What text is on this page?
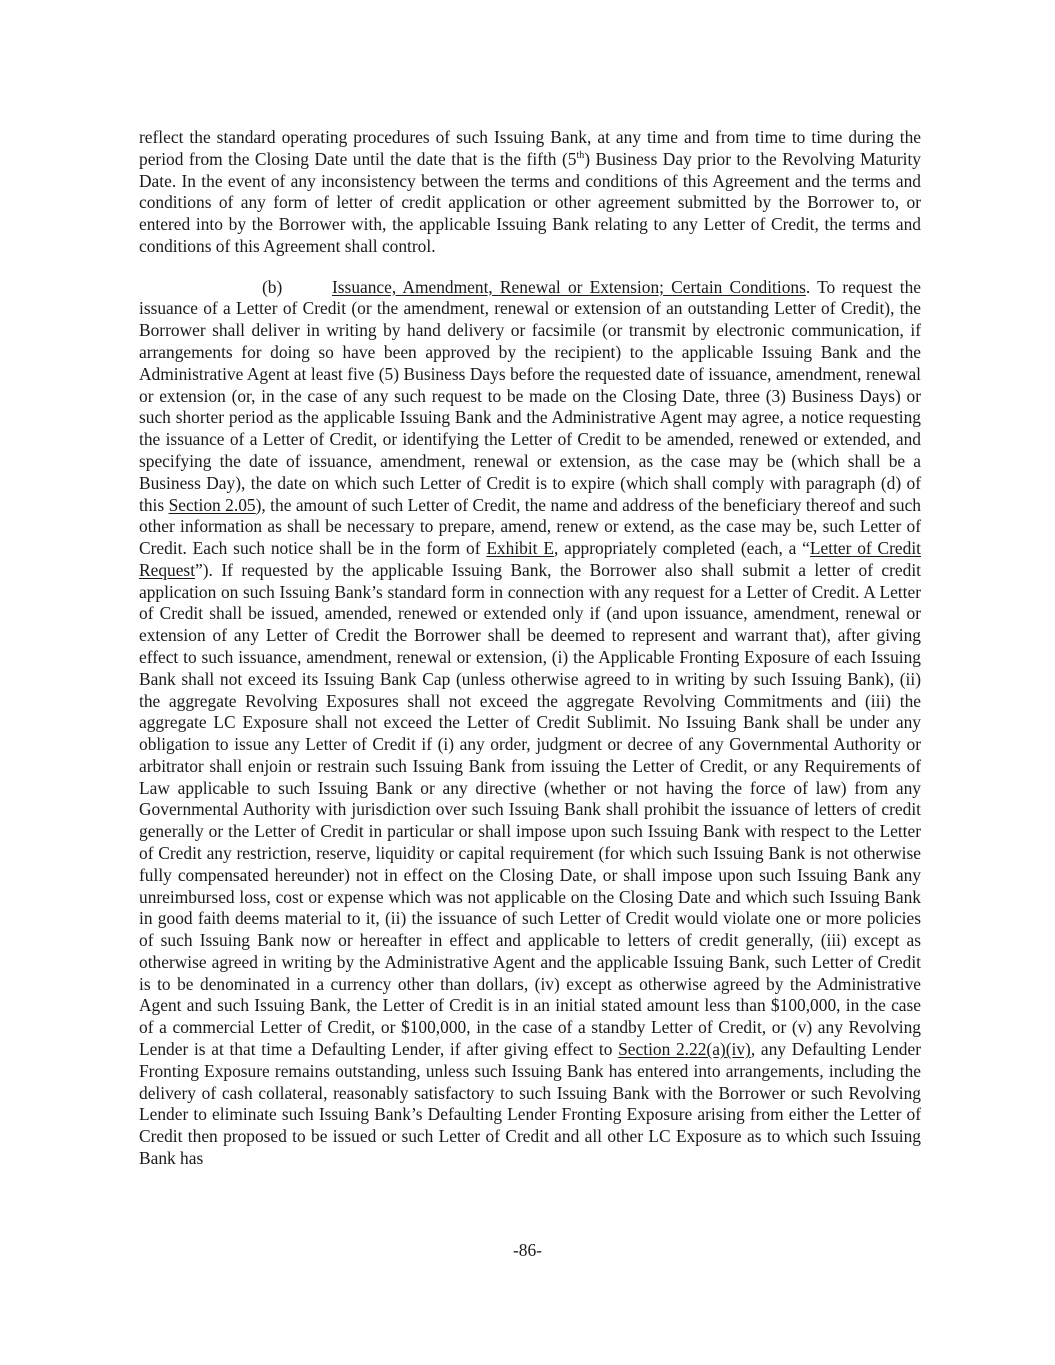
reflect the standard operating procedures of such Issuing Bank, at any time and from time to time during the period from the Closing Date until the date that is the fifth (5th) Business Day prior to the Revolving Maturity Date. In the event of any inconsistency between the terms and conditions of this Agreement and the terms and conditions of any form of letter of credit application or other agreement submitted by the Borrower to, or entered into by the Borrower with, the applicable Issuing Bank relating to any Letter of Credit, the terms and conditions of this Agreement shall control.

(b)	Issuance, Amendment, Renewal or Extension; Certain Conditions. To request the issuance of a Letter of Credit (or the amendment, renewal or extension of an outstanding Letter of Credit), the Borrower shall deliver in writing by hand delivery or facsimile (or transmit by electronic communication, if arrangements for doing so have been approved by the recipient) to the applicable Issuing Bank and the Administrative Agent at least five (5) Business Days before the requested date of issuance, amendment, renewal or extension (or, in the case of any such request to be made on the Closing Date, three (3) Business Days) or such shorter period as the applicable Issuing Bank and the Administrative Agent may agree, a notice requesting the issuance of a Letter of Credit, or identifying the Letter of Credit to be amended, renewed or extended, and specifying the date of issuance, amendment, renewal or extension, as the case may be (which shall be a Business Day), the date on which such Letter of Credit is to expire (which shall comply with paragraph (d) of this Section 2.05), the amount of such Letter of Credit, the name and address of the beneficiary thereof and such other information as shall be necessary to prepare, amend, renew or extend, as the case may be, such Letter of Credit. Each such notice shall be in the form of Exhibit E, appropriately completed (each, a “Letter of Credit Request”). If requested by the applicable Issuing Bank, the Borrower also shall submit a letter of credit application on such Issuing Bank’s standard form in connection with any request for a Letter of Credit. A Letter of Credit shall be issued, amended, renewed or extended only if (and upon issuance, amendment, renewal or extension of any Letter of Credit the Borrower shall be deemed to represent and warrant that), after giving effect to such issuance, amendment, renewal or extension, (i) the Applicable Fronting Exposure of each Issuing Bank shall not exceed its Issuing Bank Cap (unless otherwise agreed to in writing by such Issuing Bank), (ii) the aggregate Revolving Exposures shall not exceed the aggregate Revolving Commitments and (iii) the aggregate LC Exposure shall not exceed the Letter of Credit Sublimit. No Issuing Bank shall be under any obligation to issue any Letter of Credit if (i) any order, judgment or decree of any Governmental Authority or arbitrator shall enjoin or restrain such Issuing Bank from issuing the Letter of Credit, or any Requirements of Law applicable to such Issuing Bank or any directive (whether or not having the force of law) from any Governmental Authority with jurisdiction over such Issuing Bank shall prohibit the issuance of letters of credit generally or the Letter of Credit in particular or shall impose upon such Issuing Bank with respect to the Letter of Credit any restriction, reserve, liquidity or capital requirement (for which such Issuing Bank is not otherwise fully compensated hereunder) not in effect on the Closing Date, or shall impose upon such Issuing Bank any unreimbursed loss, cost or expense which was not applicable on the Closing Date and which such Issuing Bank in good faith deems material to it, (ii) the issuance of such Letter of Credit would violate one or more policies of such Issuing Bank now or hereafter in effect and applicable to letters of credit generally, (iii) except as otherwise agreed in writing by the Administrative Agent and the applicable Issuing Bank, such Letter of Credit is to be denominated in a currency other than dollars, (iv) except as otherwise agreed by the Administrative Agent and such Issuing Bank, the Letter of Credit is in an initial stated amount less than $100,000, in the case of a commercial Letter of Credit, or $100,000, in the case of a standby Letter of Credit, or (v) any Revolving Lender is at that time a Defaulting Lender, if after giving effect to Section 2.22(a)(iv), any Defaulting Lender Fronting Exposure remains outstanding, unless such Issuing Bank has entered into arrangements, including the delivery of cash collateral, reasonably satisfactory to such Issuing Bank with the Borrower or such Revolving Lender to eliminate such Issuing Bank’s Defaulting Lender Fronting Exposure arising from either the Letter of Credit then proposed to be issued or such Letter of Credit and all other LC Exposure as to which such Issuing Bank has

-86-
